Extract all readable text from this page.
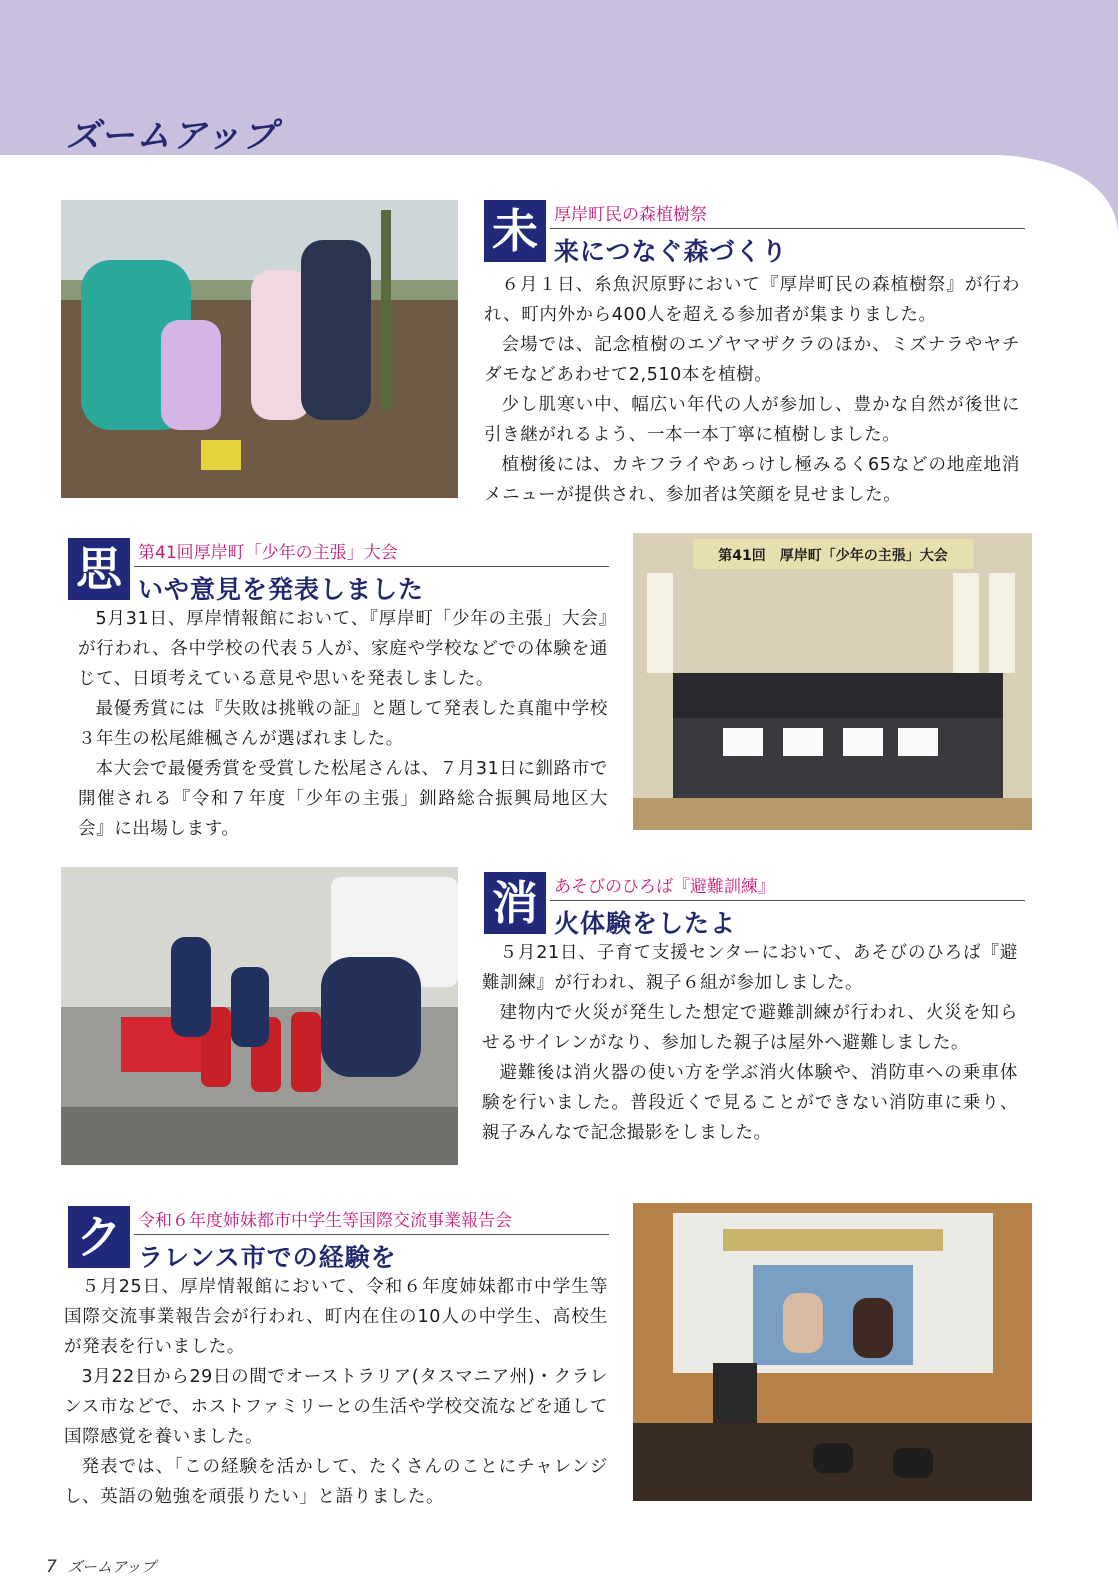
ズームアップ
未 厚岸町民の森植樹祭
来につなぐ森づくり

６月１日、糸魚沢原野において『厚岸町民の森植樹祭』が行われ、町内外から400人を超える参加者が集まりました。

会場では、記念植樹のエゾヤマザクラのほか、ミズナラやヤチダモなどあわせて2,510本を植樹。

少し肌寒い中、幅広い年代の人が参加し、豊かな自然が後世に引き継がれるよう、一本一本丁寧に植樹しました。

植樹後には、カキフライやあっけし極みるく65などの地産地消メニューが提供され、参加者は笑顔を見せました。

思 第41回厚岸町「少年の主張」大会
いや意見を発表しました

5月31日、厚岸情報館において、『厚岸町「少年の主張」大会』が行われ、各中学校の代表５人が、家庭や学校などでの体験を通じて、日頃考えている意見や思いを発表しました。

最優秀賞には『失敗は挑戦の証』と題して発表した真龍中学校３年生の松尾維楓さんが選ばれました。

本大会で最優秀賞を受賞した松尾さんは、７月31日に釧路市で開催される『令和７年度「少年の主張」釧路総合振興局地区大会』に出場します。

第41回　厚岸町「少年の主張」大会
消 あそびのひろば『避難訓練』
火体験をしたよ

５月21日、子育て支援センターにおいて、あそびのひろば『避難訓練』が行われ、親子６組が参加しました。

建物内で火災が発生した想定で避難訓練が行われ、火災を知らせるサイレンがなり、参加した親子は屋外へ避難しました。

避難後は消火器の使い方を学ぶ消火体験や、消防車への乗車体験を行いました。普段近くで見ることができない消防車に乗り、親子みんなで記念撮影をしました。

ク 令和６年度姉妹都市中学生等国際交流事業報告会
ラレンス市での経験を

５月25日、厚岸情報館において、令和６年度姉妹都市中学生等国際交流事業報告会が行われ、町内在住の10人の中学生、高校生が発表を行いました。

3月22日から29日の間でオーストラリア(タスマニア州)・クラレンス市などで、ホストファミリーとの生活や学校交流などを通して国際感覚を養いました。

発表では、「この経験を活かして、たくさんのことにチャレンジし、英語の勉強を頑張りたい」と語りました。

7 ズームアップ
